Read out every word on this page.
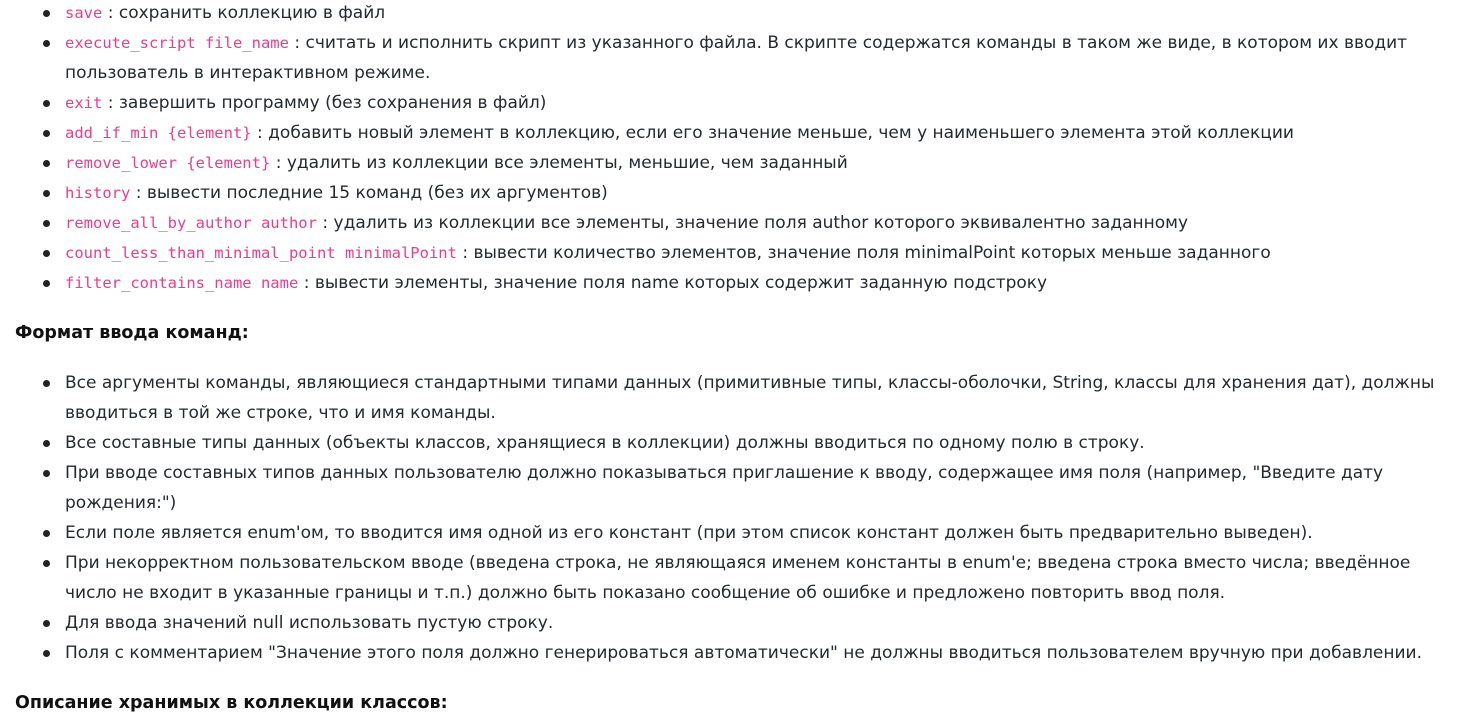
save : сохранить коллекцию в файл
execute_script file_name : считать и исполнить скрипт из указанного файла. В скрипте содержатся команды в таком же виде, в котором их вводит пользователь в интерактивном режиме.
exit : завершить программу (без сохранения в файл)
add_if_min {element} : добавить новый элемент в коллекцию, если его значение меньше, чем у наименьшего элемента этой коллекции
remove_lower {element} : удалить из коллекции все элементы, меньшие, чем заданный
history : вывести последние 15 команд (без их аргументов)
remove_all_by_author author : удалить из коллекции все элементы, значение поля author которого эквивалентно заданному
count_less_than_minimal_point minimalPoint : вывести количество элементов, значение поля minimalPoint которых меньше заданного
filter_contains_name name : вывести элементы, значение поля name которых содержит заданную подстроку
Формат ввода команд:
Все аргументы команды, являющиеся стандартными типами данных (примитивные типы, классы-оболочки, String, классы для хранения дат), должны вводиться в той же строке, что и имя команды.
Все составные типы данных (объекты классов, хранящиеся в коллекции) должны вводиться по одному полю в строку.
При вводе составных типов данных пользователю должно показываться приглашение к вводу, содержащее имя поля (например, "Введите дату рождения:")
Если поле является enum'ом, то вводится имя одной из его констант (при этом список констант должен быть предварительно выведен).
При некорректном пользовательском вводе (введена строка, не являющаяся именем константы в enum'е; введена строка вместо числа; введённое число не входит в указанные границы и т.п.) должно быть показано сообщение об ошибке и предложено повторить ввод поля.
Для ввода значений null использовать пустую строку.
Поля с комментарием "Значение этого поля должно генерироваться автоматически" не должны вводиться пользователем вручную при добавлении.
Описание хранимых в коллекции классов:
